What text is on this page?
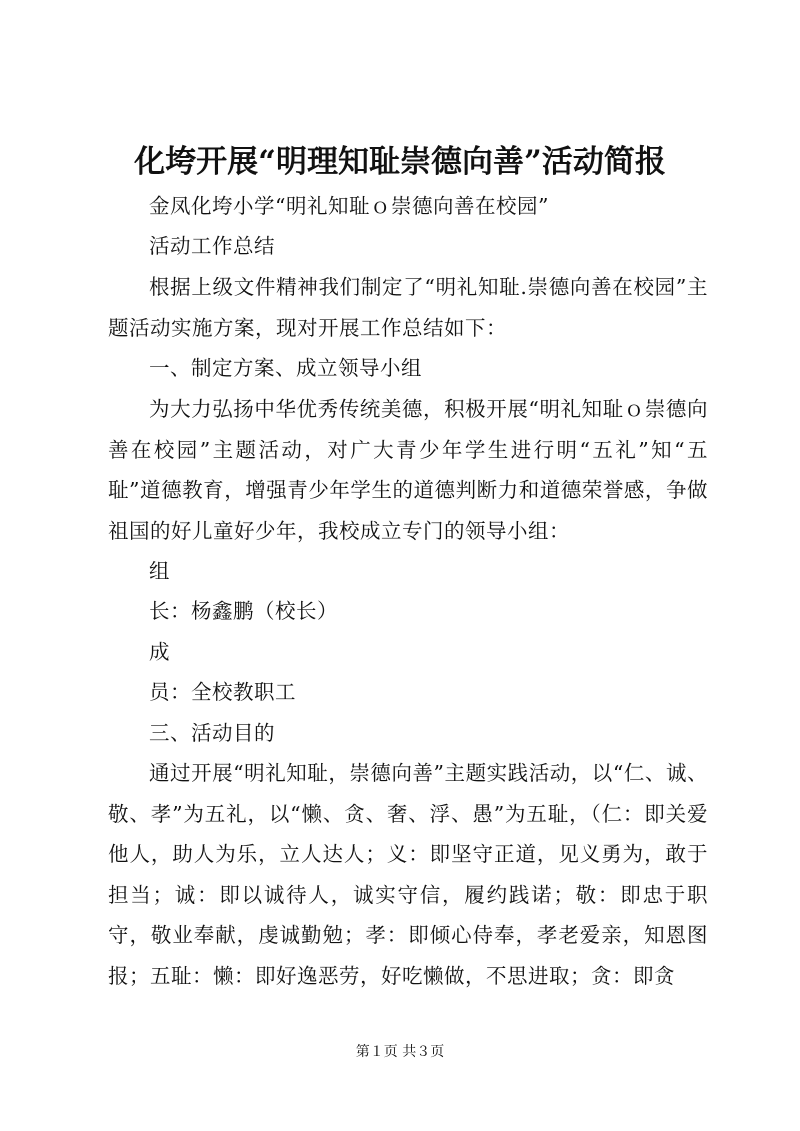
化垮开展“明理知耻崇德向善”活动简报

金凤化垮小学“明礼知耻ｏ崇德向善在校园”

活动工作总结

根据上级文件精神我们制定了“明礼知耻.崇德向善在校园”主题活动实施方案，现对开展工作总结如下：

一、制定方案、成立领导小组

为大力弘扬中华优秀传统美德，积极开展“明礼知耻ｏ崇德向善在校园”主题活动，对广大青少年学生进行明“五礼”知“五耻”道德教育，增强青少年学生的道德判断力和道德荣誉感，争做祖国的好儿童好少年，我校成立专门的领导小组：

组

长：杨鑫鹏（校长）

成

员：全校教职工

三、活动目的

通过开展“明礼知耻，崇德向善”主题实践活动，以“仁、诚、敬、孝”为五礼，以“懒、贪、奢、浮、愚”为五耻，（仁：即关爱他人，助人为乐，立人达人；义：即坚守正道，见义勇为，敢于担当；诚：即以诚待人，诚实守信，履约践诺；敬：即忠于职守，敬业奉献，虔诚勤勉；孝：即倾心侍奉，孝老爱亲，知恩图报；五耻：懒：即好逸恶劳，好吃懒做，不思进取；贪：即贪

第１页 共３页
